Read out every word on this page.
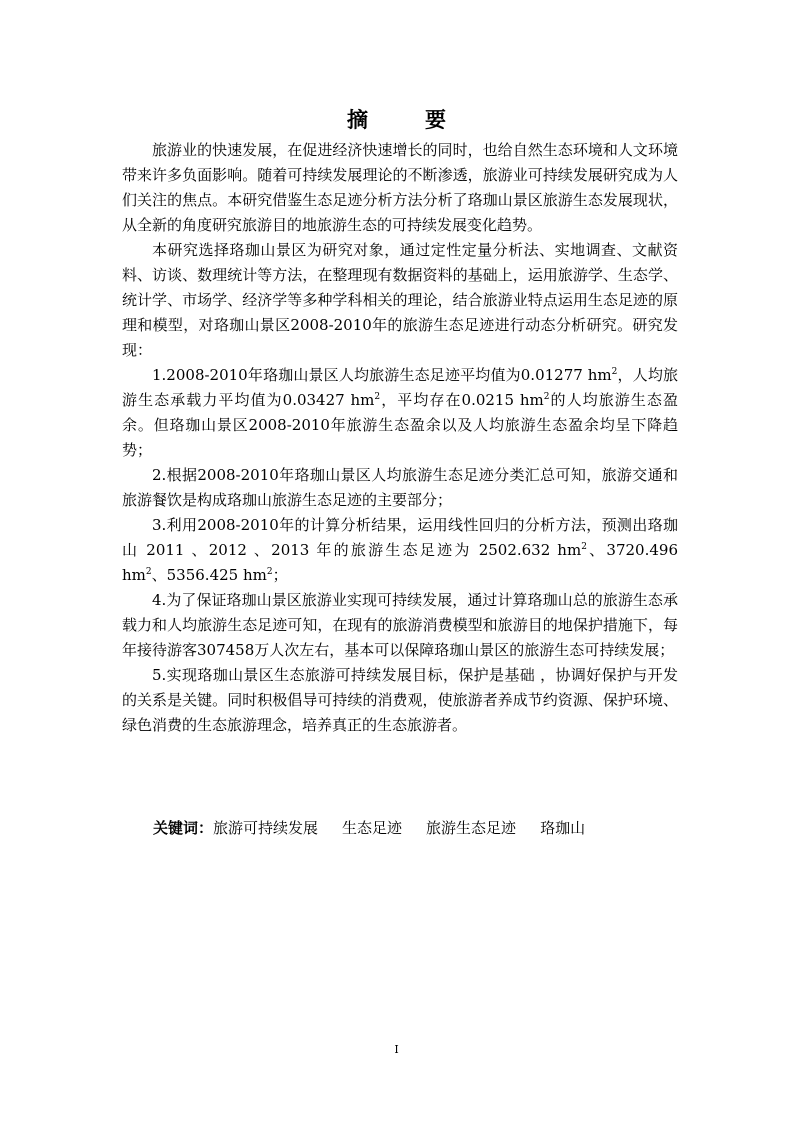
摘　要

旅游业的快速发展，在促进经济快速增长的同时，也给自然生态环境和人文环境带来许多负面影响。随着可持续发展理论的不断渗透，旅游业可持续发展研究成为人们关注的焦点。本研究借鉴生态足迹分析方法分析了珞珈山景区旅游生态发展现状，从全新的角度研究旅游目的地旅游生态的可持续发展变化趋势。

本研究选择珞珈山景区为研究对象，通过定性定量分析法、实地调查、文献资料、访谈、数理统计等方法，在整理现有数据资料的基础上，运用旅游学、生态学、统计学、市场学、经济学等多种学科相关的理论，结合旅游业特点运用生态足迹的原理和模型，对珞珈山景区2008-2010年的旅游生态足迹进行动态分析研究。研究发现：

1.2008-2010年珞珈山景区人均旅游生态足迹平均值为0.01277 $hm^2$，人均旅游生态承载力平均值为0.03427 $hm^2$，平均存在0.0215 $hm^2$的人均旅游生态盈余。但珞珈山景区2008-2010年旅游生态盈余以及人均旅游生态盈余均呈下降趋势；

2.根据2008-2010年珞珈山景区人均旅游生态足迹分类汇总可知，旅游交通和旅游餐饮是构成珞珈山旅游生态足迹的主要部分；

3.利用2008-2010年的计算分析结果，运用线性回归的分析方法，预测出珞珈山 2011 、2012 、2013 年的旅游生态足迹为 2502.632 $hm^2$、3720.496 $hm^2$、5356.425 $hm^2$；

4.为了保证珞珈山景区旅游业实现可持续发展，通过计算珞珈山总的旅游生态承载力和人均旅游生态足迹可知，在现有的旅游消费模型和旅游目的地保护措施下，每年接待游客307458万人次左右，基本可以保障珞珈山景区的旅游生态可持续发展；

5.实现珞珈山景区生态旅游可持续发展目标，保护是基础 ，协调好保护与开发的关系是关键。同时积极倡导可持续的消费观，使旅游者养成节约资源、保护环境、绿色消费的生态旅游理念，培养真正的生态旅游者。

关键词：旅游可持续发展 生态足迹 旅游生态足迹 珞珈山
I
